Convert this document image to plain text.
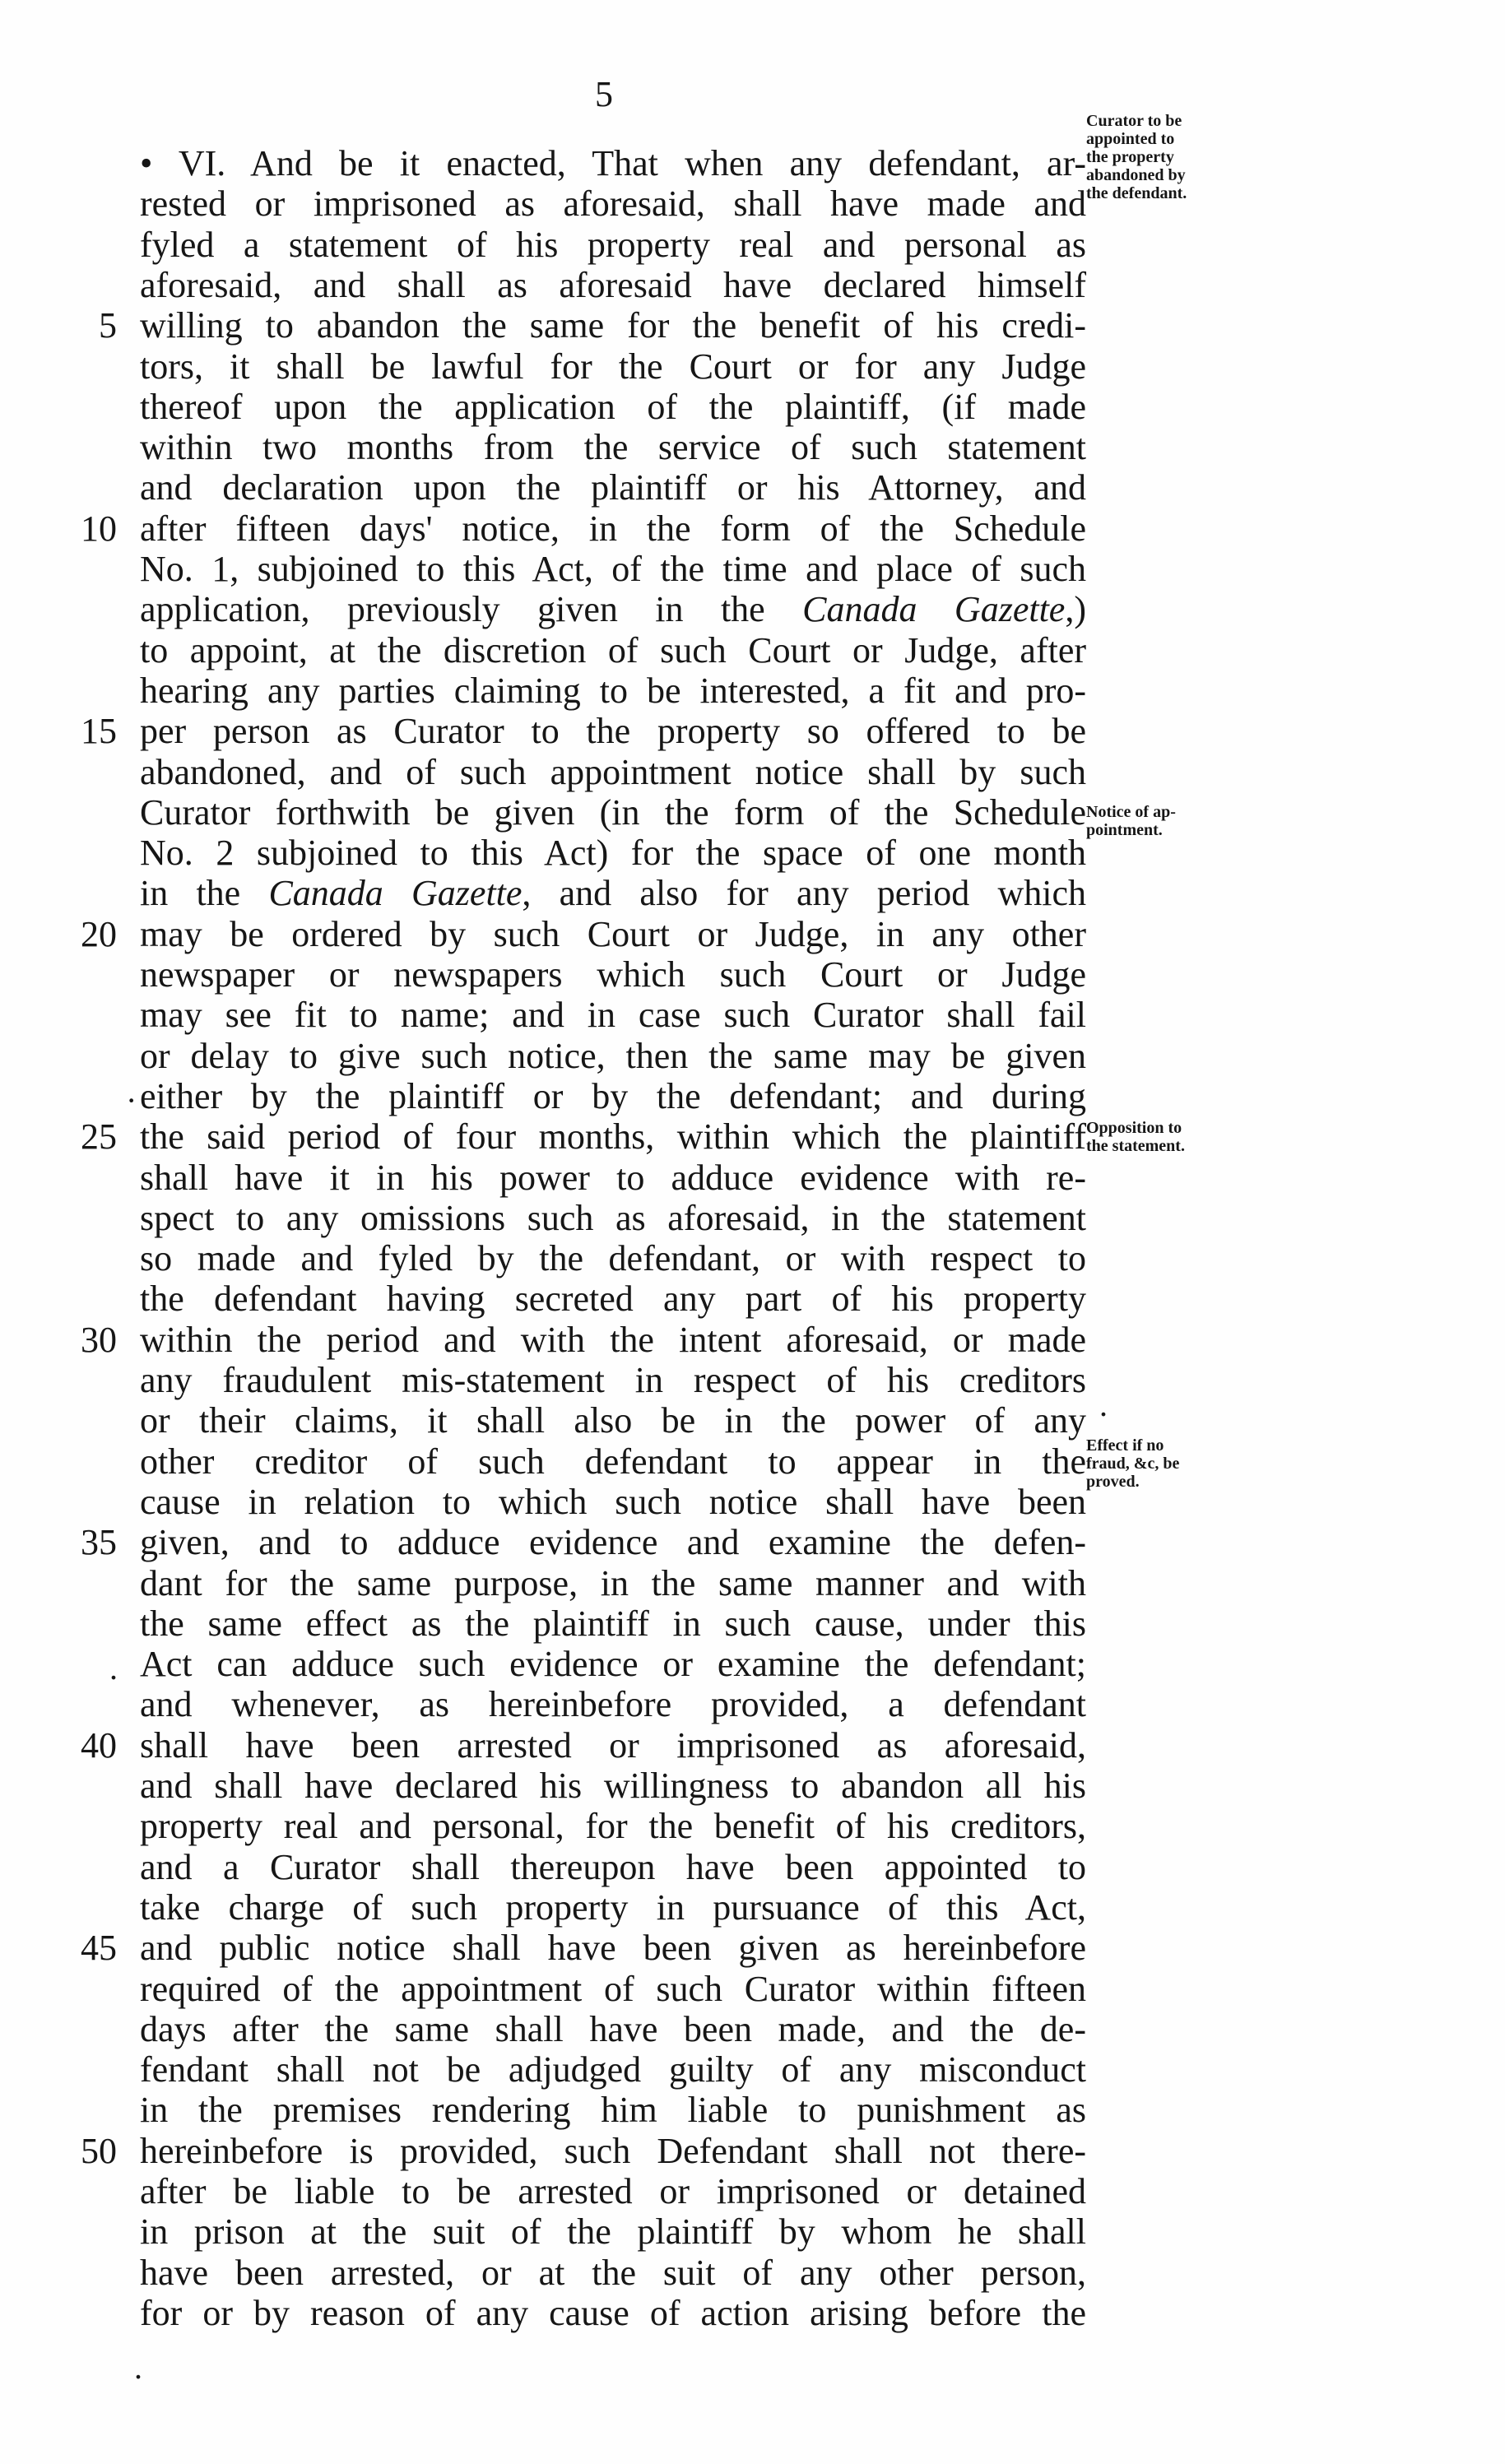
5
• VI. And be it enacted, That when any defendant, ar-
rested or imprisoned as aforesaid, shall have made and
fyled a statement of his property real and personal as
aforesaid, and shall as aforesaid have declared himself
willing to abandon the same for the benefit of his credi-
tors, it shall be lawful for the Court or for any Judge
thereof upon the application of the plaintiff, (if made
within two months from the service of such statement
and declaration upon the plaintiff or his Attorney, and
after fifteen days' notice, in the form of the Schedule
No. 1, subjoined to this Act, of the time and place of such
application, previously given in the Canada Gazette,)
to appoint, at the discretion of such Court or Judge, after
hearing any parties claiming to be interested, a fit and pro-
per person as Curator to the property so offered to be
abandoned, and of such appointment notice shall by such
Curator forthwith be given (in the form of the Schedule
No. 2 subjoined to this Act) for the space of one month
in the Canada Gazette, and also for any period which
may be ordered by such Court or Judge, in any other
newspaper or newspapers which such Court or Judge
may see fit to name; and in case such Curator shall fail
or delay to give such notice, then the same may be given
either by the plaintiff or by the defendant; and during
the said period of four months, within which the plaintiff
shall have it in his power to adduce evidence with re-
spect to any omissions such as aforesaid, in the statement
so made and fyled by the defendant, or with respect to
the defendant having secreted any part of his property
within the period and with the intent aforesaid, or made
any fraudulent mis-statement in respect of his creditors
or their claims, it shall also be in the power of any
other creditor of such defendant to appear in the
cause in relation to which such notice shall have been
given, and to adduce evidence and examine the defen-
dant for the same purpose, in the same manner and with
the same effect as the plaintiff in such cause, under this
Act can adduce such evidence or examine the defendant;
and whenever, as hereinbefore provided, a defendant
shall have been arrested or imprisoned as aforesaid,
and shall have declared his willingness to abandon all his
property real and personal, for the benefit of his creditors,
and a Curator shall thereupon have been appointed to
take charge of such property in pursuance of this Act,
and public notice shall have been given as hereinbefore
required of the appointment of such Curator within fifteen
days after the same shall have been made, and the de-
fendant shall not be adjudged guilty of any misconduct
in the premises rendering him liable to punishment as
hereinbefore is provided, such Defendant shall not there-
after be liable to be arrested or imprisoned or detained
in prison at the suit of the plaintiff by whom he shall
have been arrested, or at the suit of any other person,
for or by reason of any cause of action arising before the
5
10
15
20
25
30
35
40
45
50
Curator to be
appointed to
the property
abandoned by
the defendant.
Notice of ap-
pointment.
Opposition to
the statement.
Effect if no
fraud, &c, be
proved.
·
.
.
.
